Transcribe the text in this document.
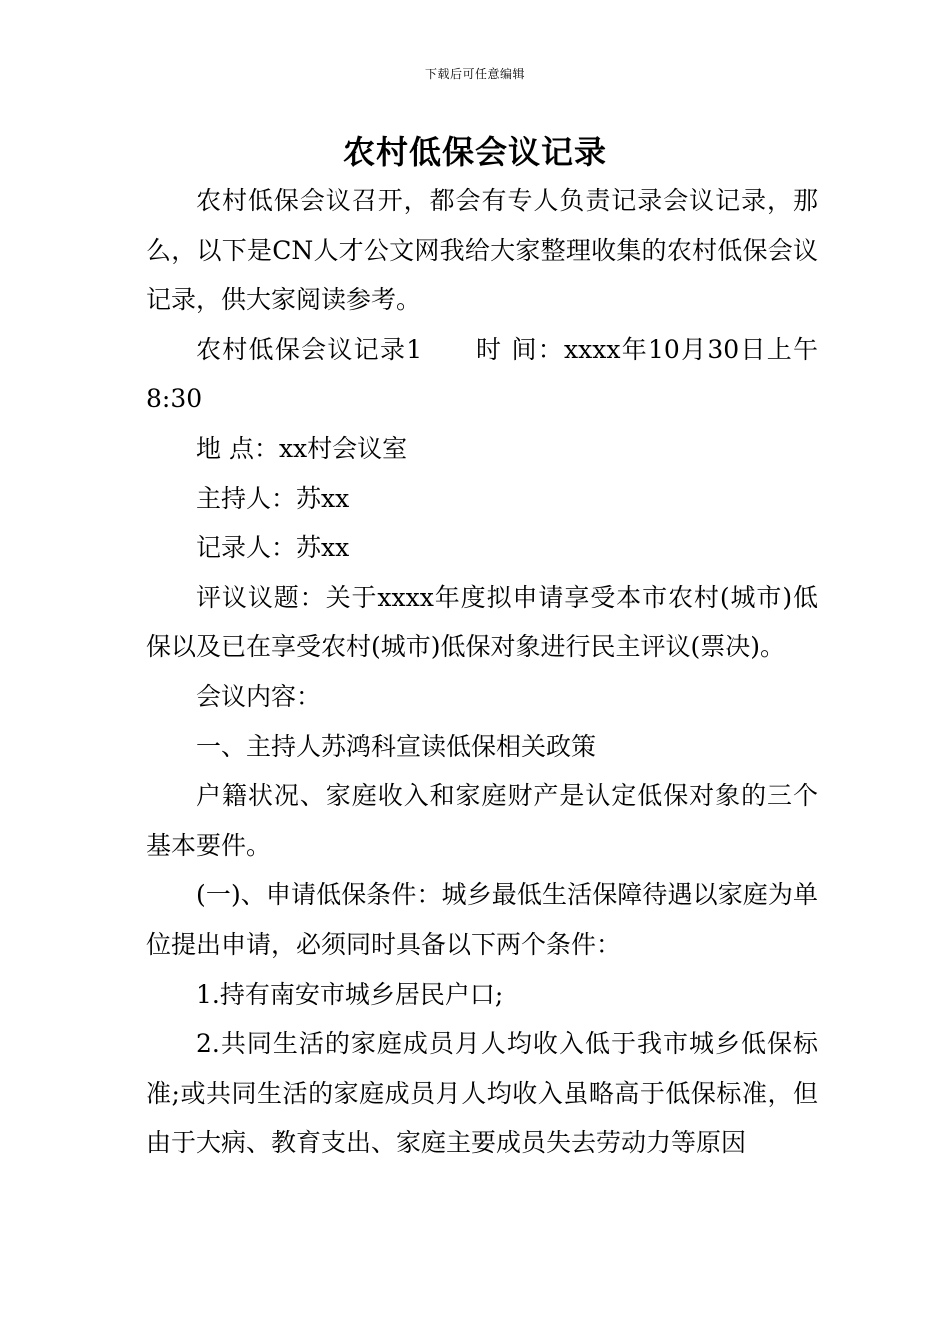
下载后可任意编辑
农村低保会议记录

农村低保会议召开，都会有专人负责记录会议记录，那么，以下是CN人才公文网我给大家整理收集的农村低保会议记录，供大家阅读参考。

农村低保会议记录1　　时 间：xxxx年10月30日上午8:30

地 点：xx村会议室

主持人：苏xx

记录人：苏xx

评议议题：关于xxxx年度拟申请享受本市农村(城市)低保以及已在享受农村(城市)低保对象进行民主评议(票决)。

会议内容：

一、主持人苏鸿科宣读低保相关政策

户籍状况、家庭收入和家庭财产是认定低保对象的三个基本要件。

(一)、申请低保条件：城乡最低生活保障待遇以家庭为单位提出申请，必须同时具备以下两个条件：

1.持有南安市城乡居民户口;

2.共同生活的家庭成员月人均收入低于我市城乡低保标准;或共同生活的家庭成员月人均收入虽略高于低保标准，但由于大病、教育支出、家庭主要成员失去劳动力等原因
